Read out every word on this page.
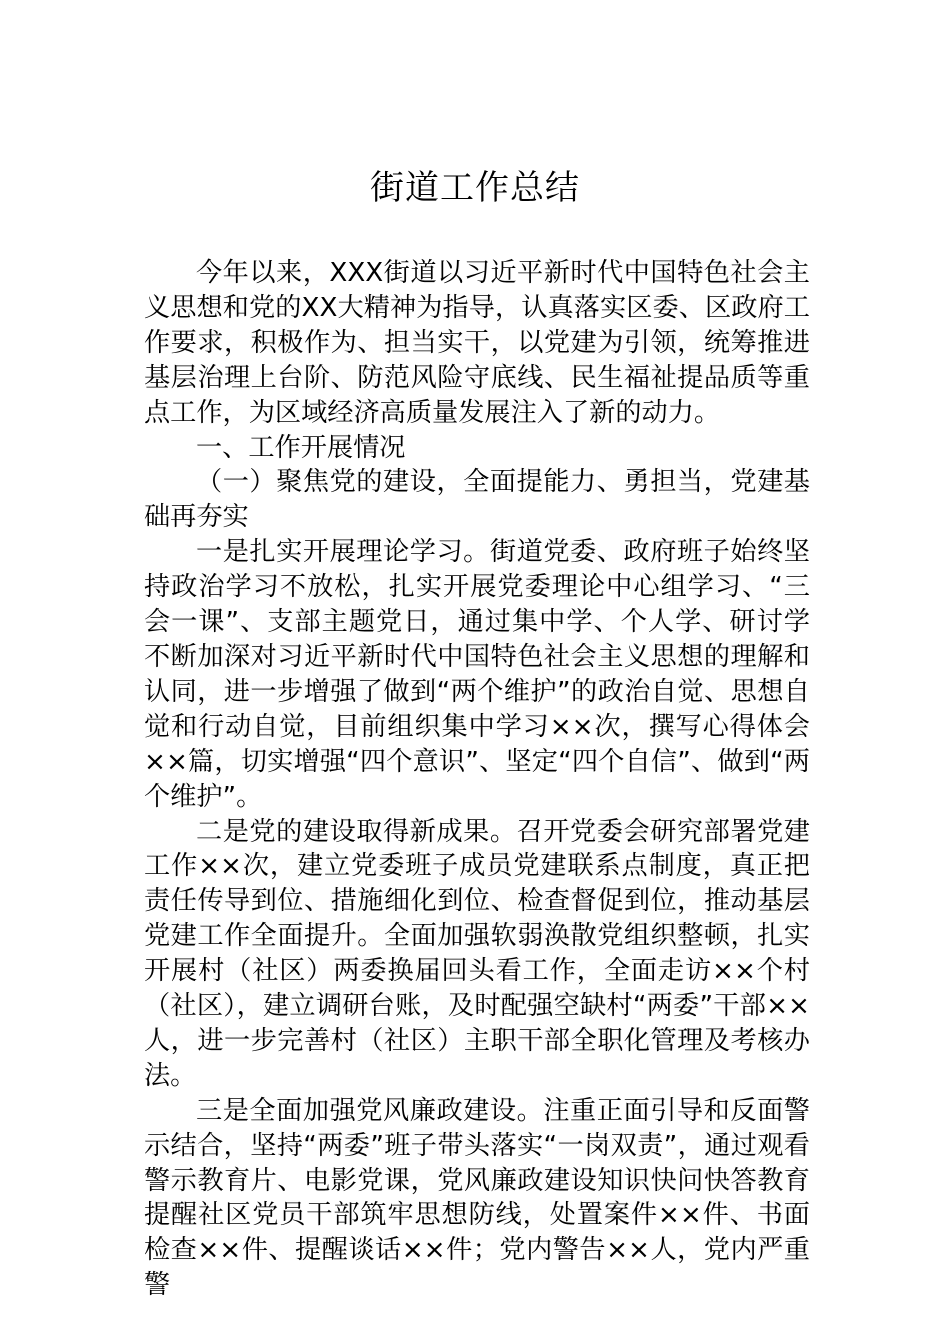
街道工作总结

今年以来，XXX街道以习近平新时代中国特色社会主义思想和党的XX大精神为指导，认真落实区委、区政府工作要求，积极作为、担当实干，以党建为引领，统筹推进基层治理上台阶、防范风险守底线、民生福祉提品质等重点工作，为区域经济高质量发展注入了新的动力。

一、工作开展情况

（一）聚焦党的建设，全面提能力、勇担当，党建基础再夯实

一是扎实开展理论学习。街道党委、政府班子始终坚持政治学习不放松，扎实开展党委理论中心组学习、“三会一课”、支部主题党日，通过集中学、个人学、研讨学不断加深对习近平新时代中国特色社会主义思想的理解和认同，进一步增强了做到“两个维护”的政治自觉、思想自觉和行动自觉，目前组织集中学习××次，撰写心得体会××篇，切实增强“四个意识”、坚定“四个自信”、做到“两个维护”。

二是党的建设取得新成果。召开党委会研究部署党建工作××次，建立党委班子成员党建联系点制度，真正把责任传导到位、措施细化到位、检查督促到位，推动基层党建工作全面提升。全面加强软弱涣散党组织整顿，扎实开展村（社区）两委换届回头看工作，全面走访××个村（社区），建立调研台账，及时配强空缺村“两委”干部××人，进一步完善村（社区）主职干部全职化管理及考核办法。

三是全面加强党风廉政建设。注重正面引导和反面警示结合，坚持“两委”班子带头落实“一岗双责”，通过观看警示教育片、电影党课，党风廉政建设知识快问快答教育提醒社区党员干部筑牢思想防线，处置案件××件、书面检查××件、提醒谈话××件；党内警告××人，党内严重警
